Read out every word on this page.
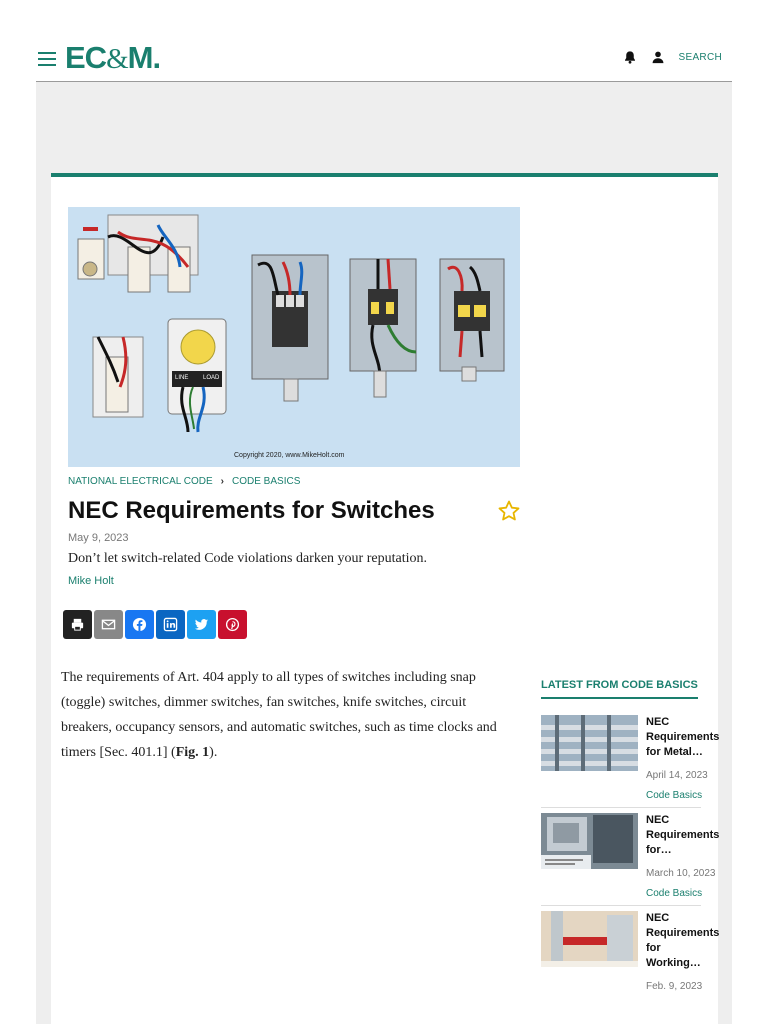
EC&M.	SEARCH
LINE LOAD
Copyright 2020, www.MikeHolt.com
NATIONAL ELECTRICAL CODE › CODE BASICS
NEC Requirements for Switches
May 9, 2023
Don’t let switch-related Code violations darken your reputation.
Mike Holt

The requirements of Art. 404 apply to all types of switches including snap (toggle) switches, dimmer switches, fan switches, knife switches, circuit breakers, occupancy sensors, and automatic switches, such as time clocks and timers [Sec. 401.1] (Fig. 1).

LATEST FROM CODE BASICS
NEC
Requirements
for Metal…
April 14, 2023
Code Basics
NEC
Requirements
for…
March 10, 2023
Code Basics
NEC
Requirements
for Working…
Feb. 9, 2023
